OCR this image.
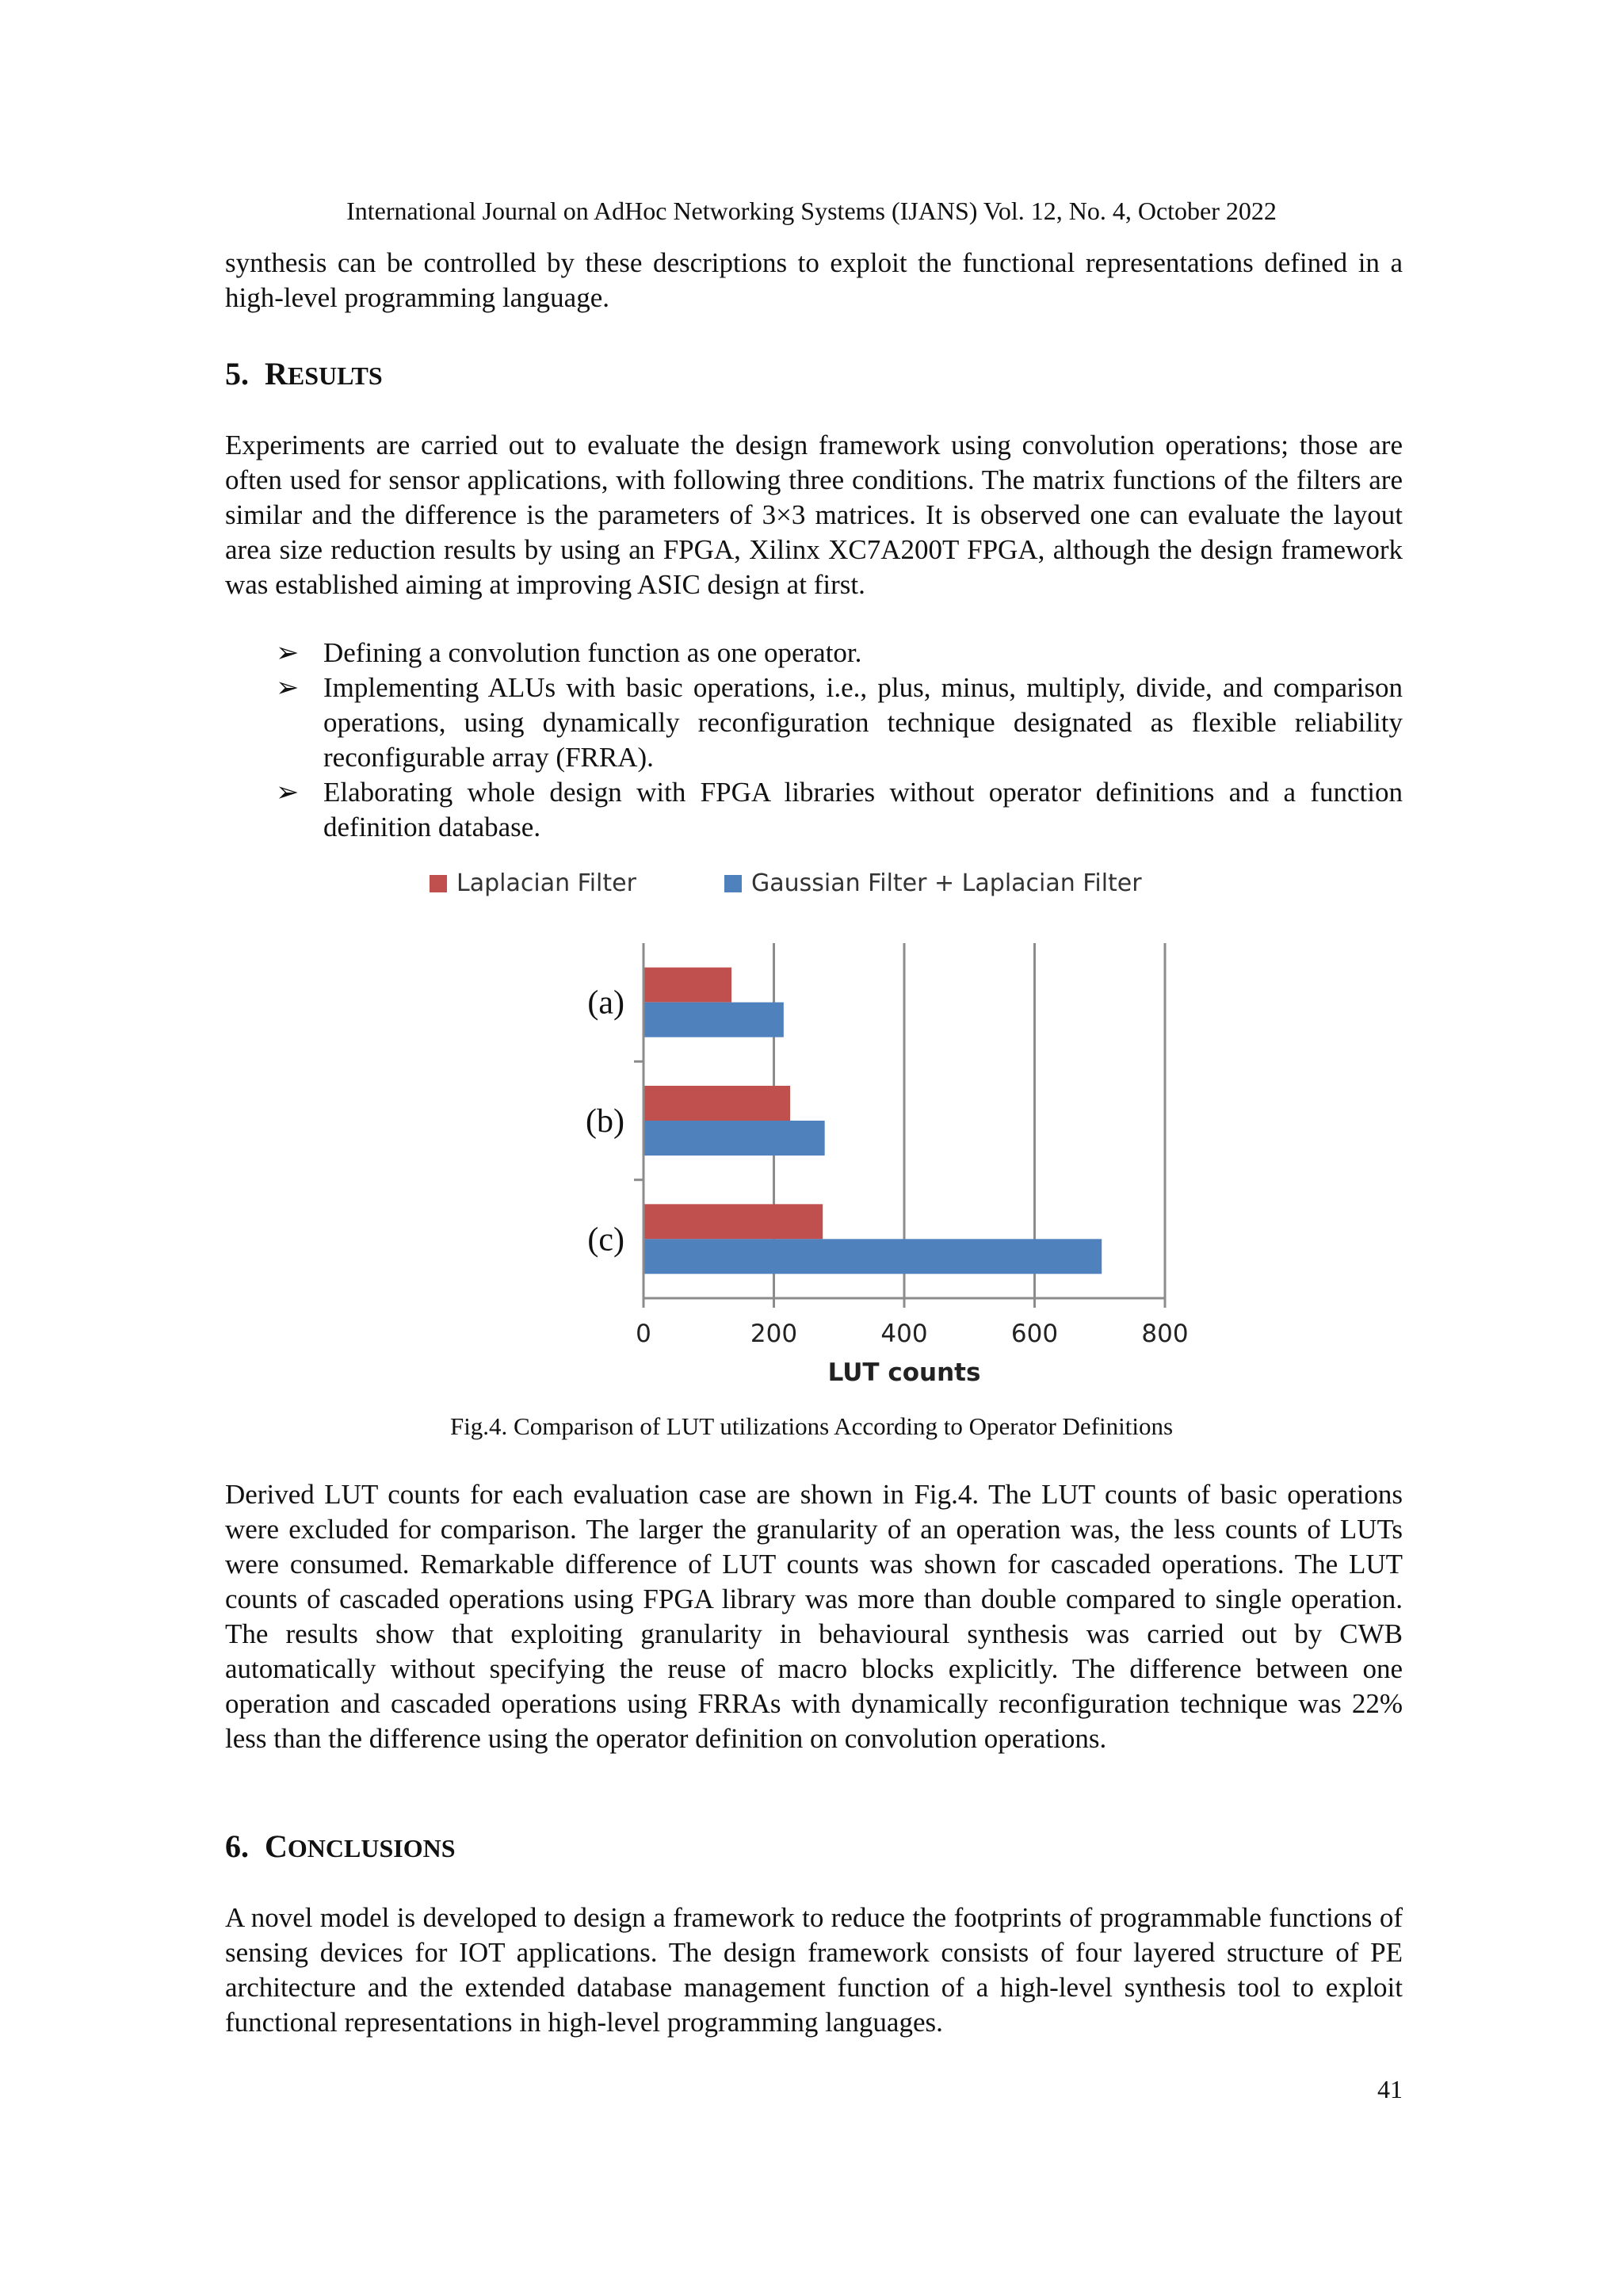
International Journal on AdHoc Networking Systems (IJANS) Vol. 12, No. 4, October 2022
synthesis can be controlled by these descriptions to exploit the functional representations defined in a high-level programming language.
5. RESULTS
Experiments are carried out to evaluate the design framework using convolution operations; those are often used for sensor applications, with following three conditions. The matrix functions of the filters are similar and the difference is the parameters of 3×3 matrices. It is observed one can evaluate the layout area size reduction results by using an FPGA, Xilinx XC7A200T FPGA, although the design framework was established aiming at improving ASIC design at first.
➢ Defining a convolution function as one operator.
➢ Implementing ALUs with basic operations, i.e., plus, minus, multiply, divide, and comparison operations, using dynamically reconfiguration technique designated as flexible reliability reconfigurable array (FRRA).
➢ Elaborating whole design with FPGA libraries without operator definitions and a function definition database.
(a)
(b)
(c)
0	200	400	600	800
LUT counts
Laplacian Filter	Gaussian Filter + Laplacian Filter
Fig.4. Comparison of LUT utilizations According to Operator Definitions
Derived LUT counts for each evaluation case are shown in Fig.4. The LUT counts of basic operations were excluded for comparison. The larger the granularity of an operation was, the less counts of LUTs were consumed. Remarkable difference of LUT counts was shown for cascaded operations. The LUT counts of cascaded operations using FPGA library was more than double compared to single operation. The results show that exploiting granularity in behavioural synthesis was carried out by CWB automatically without specifying the reuse of macro blocks explicitly. The difference between one operation and cascaded operations using FRRAs with dynamically reconfiguration technique was 22% less than the difference using the operator definition on convolution operations.
6. CONCLUSIONS
A novel model is developed to design a framework to reduce the footprints of programmable functions of sensing devices for IOT applications. The design framework consists of four layered structure of PE architecture and the extended database management function of a high-level synthesis tool to exploit functional representations in high-level programming languages.
41
